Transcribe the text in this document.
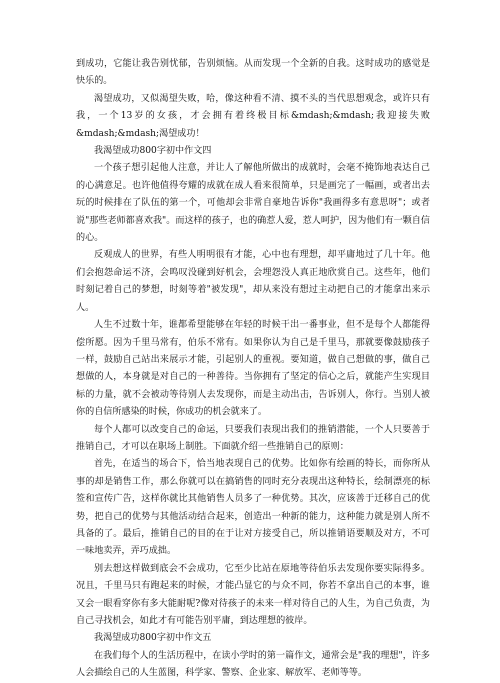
到成功，它能让我告别忧郁，告别烦恼。从而发现一个全新的自我。这时成功的感觉是快乐的。

渴望成功，又似渴望失败，哈，像这种看不清、摸不头的当代思想观念，或许只有我，一个13岁的女孩，才会拥有着终极目标&mdash;&mdash;我迎接失败&mdash;&mdash;渴望成功！

我渴望成功800字初中作文四

一个孩子想引起他人注意，并让人了解他所做出的成就时，会毫不掩饰地表达自己的心满意足。也许他值得夸耀的成就在成人看来很简单，只是画完了一幅画，或者出去玩的时候排在了队伍的第一个，可他却会非常自豪地告诉你"我画得多有意思呀"；或者说"那些老师都喜欢我"。而这样的孩子，也的确惹人爱，惹人呵护，因为他们有一颗自信的心。

反观成人的世界，有些人明明很有才能，心中也有理想，却平庸地过了几十年。他们会抱怨命运不济，会鸣叹没碰到好机会，会埋怨没人真正地欣赏自己。这些年，他们时刻记着自己的梦想，时刻等着"被发现"，却从来没有想过主动把自己的才能拿出来示人。

人生不过数十年，谁都希望能够在年轻的时候干出一番事业，但不是每个人都能得偿所愿。因为千里马常有，伯乐不常有。如果你认为自己是千里马，那就要像鼓励孩子一样，鼓励自己站出来展示才能，引起别人的重视。要知道，做自己想做的事，做自己想做的人，本身就是对自己的一种善待。当你拥有了坚定的信心之后，就能产生实现目标的力量，就不会被动等待别人去发现你，而是主动出击，告诉别人，你行。当别人被你的自信所感染的时候，你成功的机会就来了。

每个人都可以改变自己的命运，只要我们表现出我们的推销潜能，一个人只要善于推销自己，才可以在职场上制胜。下面就介绍一些推销自己的原则：

首先，在适当的场合下，恰当地表现自己的优势。比如你有绘画的特长，而你所从事的却是销售工作，那么你就可以在搞销售的同时充分表现出这种特长，绘制漂亮的标签和宣传广告，这样你就比其他销售人员多了一种优势。其次，应该善于迁移自己的优势，把自己的优势与其他活动结合起来，创造出一种新的能力，这种能力就是别人所不具备的了。最后，推销自己的目的在于让对方接受自己，所以推销语要顺及对方，不可一味地卖弄，弄巧成拙。

别去想这样做到底会不会成功，它至少比站在原地等待伯乐去发现你要实际得多。况且，千里马只有跑起来的时候，才能凸显它的与众不同，你若不拿出自己的本事，谁又会一眼看穿你有多大能耐呢?像对待孩子的未来一样对待自己的人生，为自己负责，为自己寻找机会，如此才有可能告别平庸，到达理想的彼岸。

我渴望成功800字初中作文五

在我们每个人的生活历程中，在读小学时的第一篇作文，通常会是"我的理想"，许多人会描绘自己的人生蓝图，科学家、警察、企业家、解放军、老师等等。
